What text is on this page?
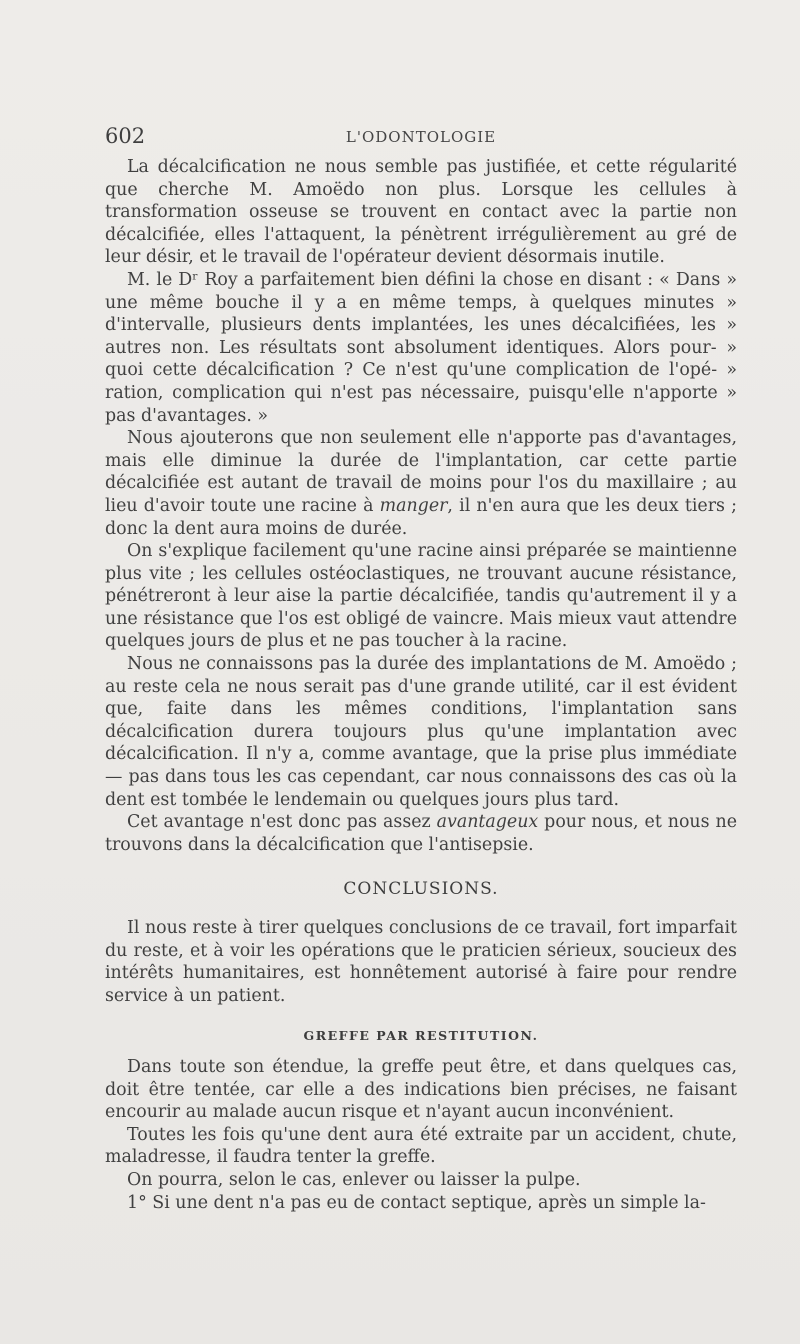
602	L'ODONTOLOGIE

La décalcification ne nous semble pas justifiée, et cette régularité que cherche M. Amoëdo non plus. Lorsque les cellules à transformation osseuse se trouvent en contact avec la partie non décalcifiée, elles l'attaquent, la pénètrent irrégulièrement au gré de leur désir, et le travail de l'opérateur devient désormais inutile.

M. le Dʳ Roy a parfaitement bien défini la chose en disant : « Dans » une même bouche il y a en même temps, à quelques minutes » d'intervalle, plusieurs dents implantées, les unes décalcifiées, les » autres non. Les résultats sont absolument identiques. Alors pour- » quoi cette décalcification ? Ce n'est qu'une complication de l'opé- » ration, complication qui n'est pas nécessaire, puisqu'elle n'apporte » pas d'avantages. »

Nous ajouterons que non seulement elle n'apporte pas d'avantages, mais elle diminue la durée de l'implantation, car cette partie décalcifiée est autant de travail de moins pour l'os du maxillaire ; au lieu d'avoir toute une racine à manger, il n'en aura que les deux tiers ; donc la dent aura moins de durée.

On s'explique facilement qu'une racine ainsi préparée se maintienne plus vite ; les cellules ostéoclastiques, ne trouvant aucune résistance, pénétreront à leur aise la partie décalcifiée, tandis qu'autrement il y a une résistance que l'os est obligé de vaincre. Mais mieux vaut attendre quelques jours de plus et ne pas toucher à la racine.

Nous ne connaissons pas la durée des implantations de M. Amoëdo ; au reste cela ne nous serait pas d'une grande utilité, car il est évident que, faite dans les mêmes conditions, l'implantation sans décalcification durera toujours plus qu'une implantation avec décalcification. Il n'y a, comme avantage, que la prise plus immédiate — pas dans tous les cas cependant, car nous connaissons des cas où la dent est tombée le lendemain ou quelques jours plus tard.

Cet avantage n'est donc pas assez avantageux pour nous, et nous ne trouvons dans la décalcification que l'antisepsie.

CONCLUSIONS.

Il nous reste à tirer quelques conclusions de ce travail, fort imparfait du reste, et à voir les opérations que le praticien sérieux, soucieux des intérêts humanitaires, est honnêtement autorisé à faire pour rendre service à un patient.

GREFFE PAR RESTITUTION.

Dans toute son étendue, la greffe peut être, et dans quelques cas, doit être tentée, car elle a des indications bien précises, ne faisant encourir au malade aucun risque et n'ayant aucun inconvénient.

Toutes les fois qu'une dent aura été extraite par un accident, chute, maladresse, il faudra tenter la greffe.

On pourra, selon le cas, enlever ou laisser la pulpe.

1° Si une dent n'a pas eu de contact septique, après un simple la-
